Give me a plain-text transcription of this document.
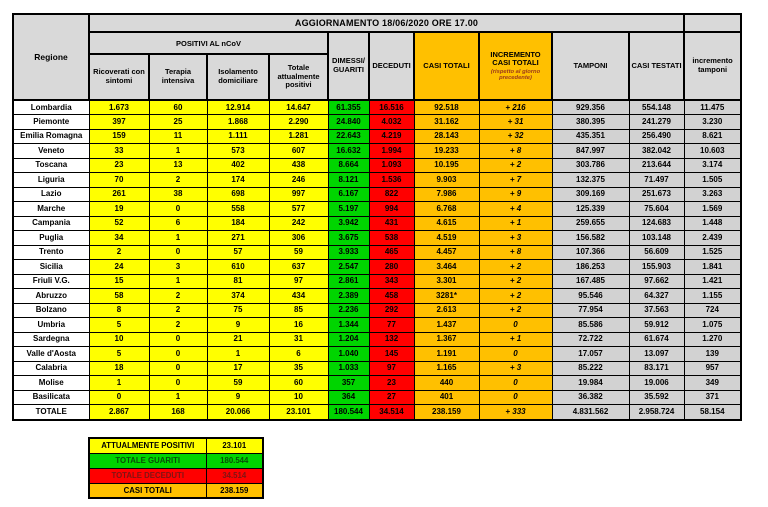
Regione	AGGIORNAMENTO 18/06/2020 ORE 17.00										
	POSITIVI AL nCoV				DIMESSI/ GUARITI	DECEDUTI	CASI TOTALI	INCREMENTO CASI TOTALI
(rispetto al giorno precedente)	TAMPONI	CASI TESTATI	incremento tamponi
	Ricoverati con sintomi	Terapia intensiva	Isolamento domiciliare	Totale attualmente positivi							
Lombardia	1.673	60	12.914	14.647	61.355	16.516	92.518	+ 216	929.356	554.148	11.475
Piemonte	397	25	1.868	2.290	24.840	4.032	31.162	+ 31	380.395	241.279	3.230
Emilia Romagna	159	11	1.111	1.281	22.643	4.219	28.143	+ 32	435.351	256.490	8.621
Veneto	33	1	573	607	16.632	1.994	19.233	+ 8	847.997	382.042	10.603
Toscana	23	13	402	438	8.664	1.093	10.195	+ 2	303.786	213.644	3.174
Liguria	70	2	174	246	8.121	1.536	9.903	+ 7	132.375	71.497	1.505
Lazio	261	38	698	997	6.167	822	7.986	+ 9	309.169	251.673	3.263
Marche	19	0	558	577	5.197	994	6.768	+ 4	125.339	75.604	1.569
Campania	52	6	184	242	3.942	431	4.615	+ 1	259.655	124.683	1.448
Puglia	34	1	271	306	3.675	538	4.519	+ 3	156.582	103.148	2.439
Trento	2	0	57	59	3.933	465	4.457	+ 8	107.366	56.609	1.525
Sicilia	24	3	610	637	2.547	280	3.464	+ 2	186.253	155.903	1.841
Friuli V.G.	15	1	81	97	2.861	343	3.301	+ 2	167.485	97.662	1.421
Abruzzo	58	2	374	434	2.389	458	3281*	+ 2	95.546	64.327	1.155
Bolzano	8	2	75	85	2.236	292	2.613	+ 2	77.954	37.563	724
Umbria	5	2	9	16	1.344	77	1.437	0	85.586	59.912	1.075
Sardegna	10	0	21	31	1.204	132	1.367	+ 1	72.722	61.674	1.270
Valle d'Aosta	5	0	1	6	1.040	145	1.191	0	17.057	13.097	139
Calabria	18	0	17	35	1.033	97	1.165	+ 3	85.222	83.171	957
Molise	1	0	59	60	357	23	440	0	19.984	19.006	349
Basilicata	0	1	9	10	364	27	401	0	36.382	35.592	371
TOTALE	2.867	168	20.066	23.101	180.544	34.514	238.159	+ 333	4.831.562	2.958.724	58.154
ATTUALMENTE POSITIVI	23.101
TOTALE GUARITI	180.544
TOTALE DECEDUTI	34.514
CASI TOTALI	238.159
